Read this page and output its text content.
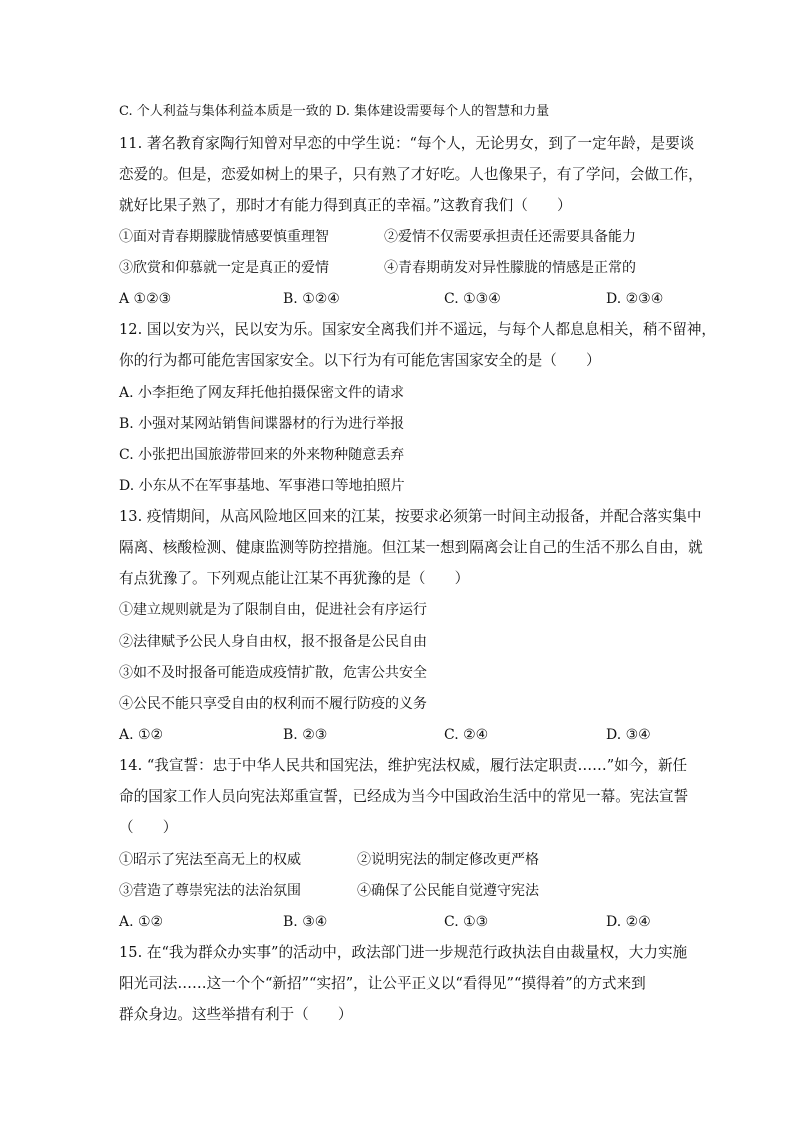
C. 个人利益与集体利益本质是一致的 D. 集体建设需要每个人的智慧和力量
11. 著名教育家陶行知曾对早恋的中学生说：“每个人，无论男女，到了一定年龄，是要谈
恋爱的。但是，恋爱如树上的果子，只有熟了才好吃。人也像果子，有了学问，会做工作，
就好比果子熟了，那时才有能力得到真正的幸福。”这教育我们（　　）
①面对青春期朦胧情感要慎重理智	②爱情不仅需要承担责任还需要具备能力
③欣赏和仰慕就一定是真正的爱情	④青春期萌发对异性朦胧的情感是正常的
A ①②③	B. ①②④	C. ①③④	D. ②③④
12. 国以安为兴，民以安为乐。国家安全离我们并不遥远，与每个人都息息相关，稍不留神，
你的行为都可能危害国家安全。以下行为有可能危害国家安全的是（　　）
A. 小李拒绝了网友拜托他拍摄保密文件的请求
B. 小强对某网站销售间谍器材的行为进行举报
C. 小张把出国旅游带回来的外来物种随意丢弃
D. 小东从不在军事基地、军事港口等地拍照片
13. 疫情期间，从高风险地区回来的江某，按要求必须第一时间主动报备，并配合落实集中
隔离、核酸检测、健康监测等防控措施。但江某一想到隔离会让自己的生活不那么自由，就
有点犹豫了。下列观点能让江某不再犹豫的是（　　）
①建立规则就是为了限制自由，促进社会有序运行
②法律赋予公民人身自由权，报不报备是公民自由
③如不及时报备可能造成疫情扩散，危害公共安全
④公民不能只享受自由的权利而不履行防疫的义务
A. ①②	B. ②③	C. ②④	D. ③④
14. “我宣誓：忠于中华人民共和国宪法，维护宪法权威，履行法定职责……”如今，新任
命的国家工作人员向宪法郑重宣誓，已经成为当今中国政治生活中的常见一幕。宪法宣誓
（　　）
①昭示了宪法至高无上的权威	②说明宪法的制定修改更严格
③营造了尊崇宪法的法治氛围	④确保了公民能自觉遵守宪法
A. ①②	B. ③④	C. ①③	D. ②④
15. 在“我为群众办实事”的活动中，政法部门进一步规范行政执法自由裁量权，大力实施
阳光司法……这一个个“新招”“实招”，让公平正义以“看得见”“摸得着”的方式来到
群众身边。这些举措有利于（　　）
